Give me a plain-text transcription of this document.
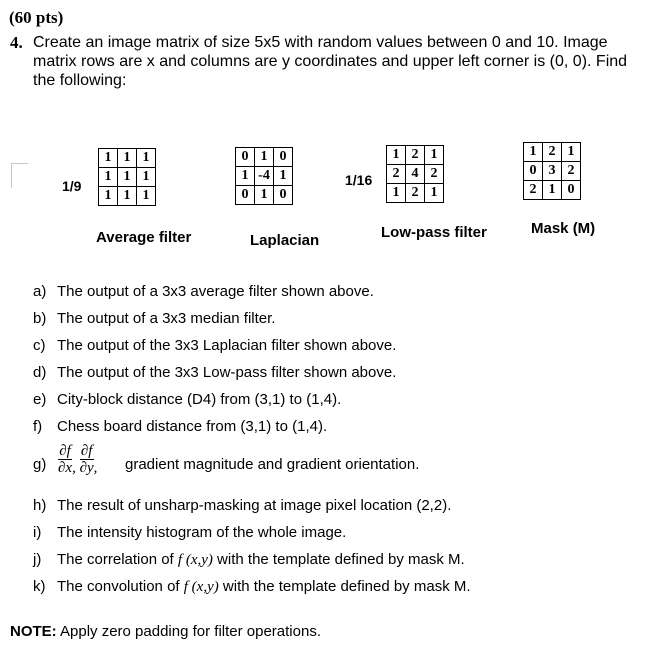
(60 pts)
4. Create an image matrix of size 5x5 with random values between 0 and 10. Image
matrix rows are x and columns are y coordinates and upper left corner is (0, 0). Find
the following:
1/9
1	1	1
1	1	1
1	1	1
Average filter
0	1	0
1	-4	1
0	1	0
Laplacian
1/16
1	2	1
2	4	2
1	2	1
Low-pass filter
1	2	1
0	3	2
2	1	0
Mask (M)
a) The output of a 3x3 average filter shown above.
b) The output of a 3x3 median filter.
c) The output of the 3x3 Laplacian filter shown above.
d) The output of the 3x3 Low-pass filter shown above.
e) City-block distance (D4) from (3,1) to (1,4).
f) Chess board distance from (3,1) to (1,4).
$g) \frac{\partial f}{\partial x}$ , $\frac{\partial f}{\partial y}$ , gradient magnitude and gradient orientation.
h) The result of unsharp-masking at image pixel location (2,2).
i) The intensity histogram of the whole image.
j) The correlation of f (x,y) with the template defined by mask M.
k) The convolution of f (x,y) with the template defined by mask M.
NOTE: Apply zero padding for filter operations.
